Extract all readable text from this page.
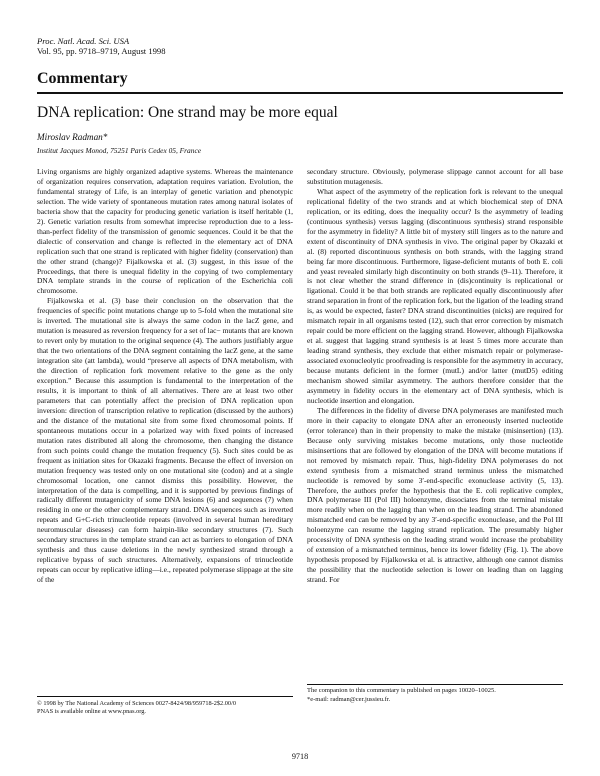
Proc. Natl. Acad. Sci. USA
Vol. 95, pp. 9718–9719, August 1998
Commentary
DNA replication: One strand may be more equal
Miroslav Radman*
Institut Jacques Monod, 75251 Paris Cedex 05, France

Living organisms are highly organized adaptive systems. Whereas the maintenance of organization requires conservation, adaptation requires variation. Evolution, the fundamental strategy of Life, is an interplay of genetic variation and phenotypic selection. The wide variety of spontaneous mutation rates among natural isolates of bacteria show that the capacity for producing genetic variation is itself heritable (1, 2). Genetic variation results from somewhat imprecise reproduction due to a less-than-perfect fidelity of the transmission of genomic sequences. Could it be that the dialectic of conservation and change is reflected in the elementary act of DNA replication such that one strand is replicated with higher fidelity (conservation) than the other strand (change)? Fijalkowska et al. (3) suggest, in this issue of the Proceedings, that there is unequal fidelity in the copying of two complementary DNA template strands in the course of replication of the Escherichia coli chromosome.

Fijalkowska et al. (3) base their conclusion on the observation that the frequencies of specific point mutations change up to 5-fold when the mutational site is inverted. The mutational site is always the same codon in the lacZ gene, and mutation is measured as reversion frequency for a set of lac− mutants that are known to revert only by mutation to the original sequence (4). The authors justifiably argue that the two orientations of the DNA segment containing the lacZ gene, at the same integration site (att lambda), would “preserve all aspects of DNA metabolism, with the direction of replication fork movement relative to the gene as the only exception.” Because this assumption is fundamental to the interpretation of the results, it is important to think of all alternatives. There are at least two other parameters that can potentially affect the precision of DNA replication upon inversion: direction of transcription relative to replication (discussed by the authors) and the distance of the mutational site from some fixed chromosomal points. If spontaneous mutations occur in a polarized way with fixed points of increased mutation rates distributed all along the chromosome, then changing the distance from such points could change the mutation frequency (5). Such sites could be as frequent as initiation sites for Okazaki fragments. Because the effect of inversion on mutation frequency was tested only on one mutational site (codon) and at a single chromosomal location, one cannot dismiss this possibility. However, the interpretation of the data is compelling, and it is supported by previous findings of radically different mutagenicity of some DNA lesions (6) and sequences (7) when residing in one or the other complementary strand. DNA sequences such as inverted repeats and G+C-rich trinucleotide repeats (involved in several human hereditary neuromuscular diseases) can form hairpin-like secondary structures (7). Such secondary structures in the template strand can act as barriers to elongation of DNA synthesis and thus cause deletions in the newly synthesized strand through a replicative bypass of such structures. Alternatively, expansions of trinucleotide repeats can occur by replicative idling—i.e., repeated polymerase slippage at the site of the

secondary structure. Obviously, polymerase slippage cannot account for all base substitution mutagenesis.

What aspect of the asymmetry of the replication fork is relevant to the unequal replicational fidelity of the two strands and at which biochemical step of DNA replication, or its editing, does the inequality occur? Is the asymmetry of leading (continuous synthesis) versus lagging (discontinuous synthesis) strand responsible for the asymmetry in fidelity? A little bit of mystery still lingers as to the nature and extent of discontinuity of DNA synthesis in vivo. The original paper by Okazaki et al. (8) reported discontinuous synthesis on both strands, with the lagging strand being far more discontinuous. Furthermore, ligase-deficient mutants of both E. coli and yeast revealed similarly high discontinuity on both strands (9–11). Therefore, it is not clear whether the strand difference in (dis)continuity is replicational or ligational. Could it be that both strands are replicated equally discontinuously after strand separation in front of the replication fork, but the ligation of the leading strand is, as would be expected, faster? DNA strand discontinuities (nicks) are required for mismatch repair in all organisms tested (12), such that error correction by mismatch repair could be more efficient on the lagging strand. However, although Fijalkowska et al. suggest that lagging strand synthesis is at least 5 times more accurate than leading strand synthesis, they exclude that either mismatch repair or polymerase-associated exonucleolytic proofreading is responsible for the asymmetry in accuracy, because mutants deficient in the former (mutL) and/or latter (mutD5) editing mechanism showed similar asymmetry. The authors therefore consider that the asymmetry in fidelity occurs in the elementary act of DNA synthesis, which is nucleotide insertion and elongation.

The differences in the fidelity of diverse DNA polymerases are manifested much more in their capacity to elongate DNA after an erroneously inserted nucleotide (error tolerance) than in their propensity to make the mistake (misinsertion) (13). Because only surviving mistakes become mutations, only those nucleotide misinsertions that are followed by elongation of the DNA will become mutations if not removed by mismatch repair. Thus, high-fidelity DNA polymerases do not extend synthesis from a mismatched strand terminus unless the mismatched nucleotide is removed by some 3′-end-specific exonuclease activity (5, 13). Therefore, the authors prefer the hypothesis that the E. coli replicative complex, DNA polymerase III (Pol III) holoenzyme, dissociates from the terminal mistake more readily when on the lagging than when on the leading strand. The abandoned mismatched end can be removed by any 3′-end-specific exonuclease, and the Pol III holoenzyme can resume the lagging strand replication. The presumably higher processivity of DNA synthesis on the leading strand would increase the probability of extension of a mismatched terminus, hence its lower fidelity (Fig. 1). The above hypothesis proposed by Fijalkowska et al. is attractive, although one cannot dismiss the possibility that the nucleotide selection is lower on leading than on lagging strand. For

© 1998 by The National Academy of Sciences 0027-8424/98/959718-2$2.00/0
PNAS is available online at www.pnas.org.
The companion to this commentary is published on pages 10020–10025.
*e-mail: radman@cer.jussieu.fr.
9718
